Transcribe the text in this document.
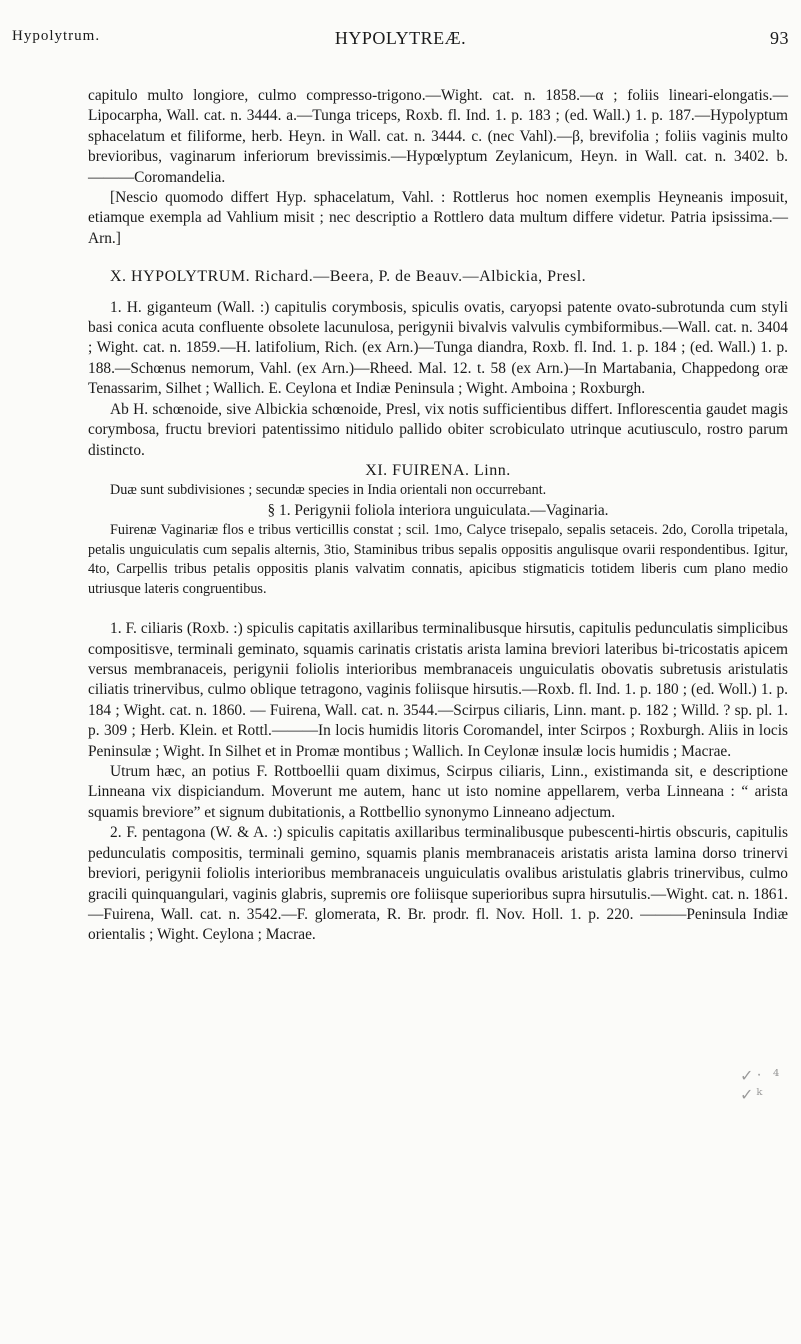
Hypolytrum.	HYPOLYTREÆ.	93

capitulo multo longiore, culmo compresso-trigono.—Wight. cat. n. 1858.—α ; foliis lineari-elongatis.—Lipocarpha, Wall. cat. n. 3444. a.—Tunga triceps, Roxb. fl. Ind. 1. p. 183 ; (ed. Wall.) 1. p. 187.—Hypolyptum sphacelatum et filiforme, herb. Heyn. in Wall. cat. n. 3444. c. (nec Vahl).—β, brevifolia ; foliis vaginis multo brevioribus, vaginarum inferiorum brevissimis.—Hypœlyptum Zeylanicum, Heyn. in Wall. cat. n. 3402. b.———Coromandelia.

[Nescio quomodo differt Hyp. sphacelatum, Vahl. : Rottlerus hoc nomen exemplis Heyneanis imposuit, etiamque exempla ad Vahlium misit ; nec descriptio a Rottlero data multum differe videtur. Patria ipsissima.—Arn.]

X. HYPOLYTRUM. Richard.—Beera, P. de Beauv.—Albickia, Presl.

1. H. giganteum (Wall. :) capitulis corymbosis, spiculis ovatis, caryopsi patente ovato-subrotunda cum styli basi conica acuta confluente obsolete lacunulosa, perigynii bivalvis valvulis cymbiformibus.—Wall. cat. n. 3404 ; Wight. cat. n. 1859.—H. latifolium, Rich. (ex Arn.)—Tunga diandra, Roxb. fl. Ind. 1. p. 184 ; (ed. Wall.) 1. p. 188.—Schœnus nemorum, Vahl. (ex Arn.)—Rheed. Mal. 12. t. 58 (ex Arn.)—In Martabania, Chappedong oræ Tenassarim, Silhet ; Wallich. E. Ceylona et Indiæ Peninsula ; Wight. Amboina ; Roxburgh.

Ab H. schœnoide, sive Albickia schœnoide, Presl, vix notis sufficientibus differt. Inflorescentia gaudet magis corymbosa, fructu breviori patentissimo nitidulo pallido obiter scrobiculato utrinque acutiusculo, rostro parum distincto.

XI. FUIRENA. Linn.

Duæ sunt subdivisiones ; secundæ species in India orientali non occurrebant.

§ 1. Perigynii foliola interiora unguiculata.—Vaginaria.

Fuirenæ Vaginariæ flos e tribus verticillis constat ; scil. 1mo, Calyce trisepalo, sepalis setaceis. 2do, Corolla tripetala, petalis unguiculatis cum sepalis alternis, 3tio, Staminibus tribus sepalis oppositis angulisque ovarii respondentibus. Igitur, 4to, Carpellis tribus petalis oppositis planis valvatim connatis, apicibus stigmaticis totidem liberis cum plano medio utriusque lateris congruentibus.

1. F. ciliaris (Roxb. :) spiculis capitatis axillaribus terminalibusque hirsutis, capitulis pedunculatis simplicibus compositisve, terminali geminato, squamis carinatis cristatis arista lamina breviori lateribus bi-tricostatis apicem versus membranaceis, perigynii foliolis interioribus membranaceis unguiculatis obovatis subretusis aristulatis ciliatis trinervibus, culmo oblique tetragono, vaginis foliisque hirsutis.—Roxb. fl. Ind. 1. p. 180 ; (ed. Woll.) 1. p. 184 ; Wight. cat. n. 1860. — Fuirena, Wall. cat. n. 3544.—Scirpus ciliaris, Linn. mant. p. 182 ; Willd. ? sp. pl. 1. p. 309 ; Herb. Klein. et Rottl.———In locis humidis litoris Coromandel, inter Scirpos ; Roxburgh. Aliis in locis Peninsulæ ; Wight. In Silhet et in Promæ montibus ; Wallich. In Ceylonæ insulæ locis humidis ; Macrae.

Utrum hæc, an potius F. Rottboellii quam diximus, Scirpus ciliaris, Linn., existimanda sit, e descriptione Linneana vix dispiciandum. Moverunt me autem, hanc ut isto nomine appellarem, verba Linneana : “ arista squamis breviore” et signum dubitationis, a Rottbellio synonymo Linneano adjectum.

2. F. pentagona (W. & A. :) spiculis capitatis axillaribus terminalibusque pubescenti-hirtis obscuris, capitulis pedunculatis compositis, terminali gemino, squamis planis membranaceis aristatis arista lamina dorso trinervi breviori, perigynii foliolis interioribus membranaceis unguiculatis ovalibus aristulatis glabris trinervibus, culmo gracili quinquangulari, vaginis glabris, supremis ore foliisque superioribus supra hirsutulis.—Wight. cat. n. 1861.—Fuirena, Wall. cat. n. 3542.—F. glomerata, R. Br. prodr. fl. Nov. Holl. 1. p. 220. ———Peninsula Indiæ orientalis ; Wight. Ceylona ; Macrae.

✓ˑ ⁴ ✓ᵏ
